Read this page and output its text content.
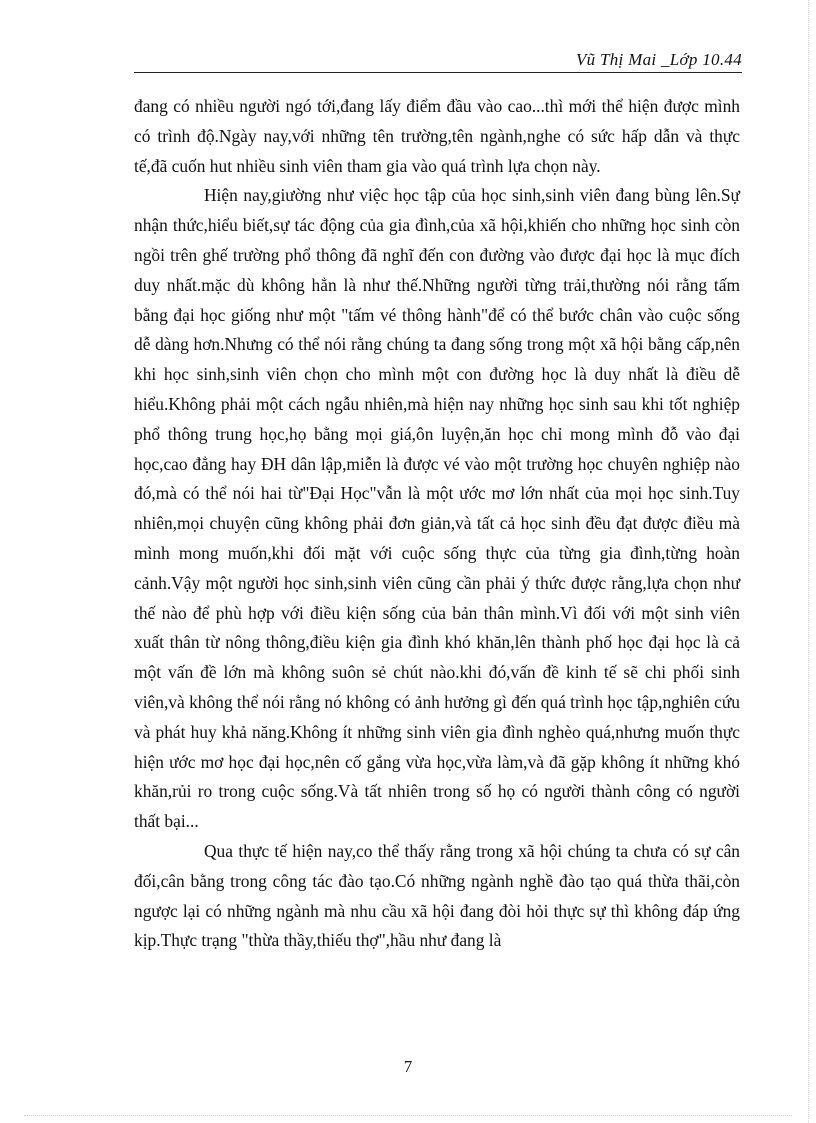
Vũ Thị Mai _Lớp 10.44

đang có nhiều người ngó tới,đang lấy điểm đầu vào cao...thì mới thể hiện được mình có trình độ.Ngày nay,với những tên trường,tên ngành,nghe có sức hấp dẫn và thực tế,đã cuốn hut nhiều sinh viên tham gia vào quá trình lựa chọn này.

Hiện nay,giường như việc học tập của học sinh,sinh viên đang bùng lên.Sự nhận thức,hiểu biết,sự tác động của gia đình,của xã hội,khiến cho những học sinh còn ngồi trên ghế trường phổ thông đã nghĩ đến con đường vào được đại học là mục đích duy nhất.mặc dù không hẳn là như thế.Những người từng trải,thường nói rằng tấm bằng đại học giống như một "tấm vé thông hành"để có thể bước chân vào cuộc sống dễ dàng hơn.Nhưng có thể nói rằng chúng ta đang sống trong một xã hội bằng cấp,nên khi học sinh,sinh viên chọn cho mình một con đường học là duy nhất là điều dễ hiểu.Không phải một cách ngẫu nhiên,mà hiện nay những học sinh sau khi tốt nghiệp phổ thông trung học,họ bằng mọi giá,ôn luyện,ăn học chỉ mong mình đỗ vào đại học,cao đẳng hay ĐH dân lập,miễn là được vé vào một trường học chuyên nghiệp nào đó,mà có thể nói hai từ"Đại Học"vẫn là một ước mơ lớn nhất của mọi học sinh.Tuy nhiên,mọi chuyện cũng không phải đơn giản,và tất cả học sinh đều đạt được điều mà mình mong muốn,khi đối mặt với cuộc sống thực của từng gia đình,từng hoàn cảnh.Vậy một người học sinh,sinh viên cũng cần phải ý thức được rằng,lựa chọn như thế nào để phù hợp với điều kiện sống của bản thân mình.Vì đối với một sinh viên xuất thân từ nông thông,điều kiện gia đình khó khăn,lên thành phố học đại học là cả một vấn đề lớn mà không suôn sẻ chút nào.khi đó,vấn đề kinh tế sẽ chi phối sinh viên,và không thể nói rằng nó không có ảnh hưởng gì đến quá trình học tập,nghiên cứu và phát huy khả năng.Không ít những sinh viên gia đình nghèo quá,nhưng muốn thực hiện ước mơ học đại học,nên cố gắng vừa học,vừa làm,và đã gặp không ít những khó khăn,rủi ro trong cuộc sống.Và tất nhiên trong số họ có người thành công có người thất bại...

Qua thực tế hiện nay,co thể thấy rằng trong xã hội chúng ta chưa có sự cân đối,cân bằng trong công tác đào tạo.Có những ngành nghề đào tạo quá thừa thãi,còn ngược lại có những ngành mà nhu cầu xã hội đang đòi hỏi thực sự thì không đáp ứng kịp.Thực trạng "thừa thầy,thiếu thợ",hầu như đang là

7
